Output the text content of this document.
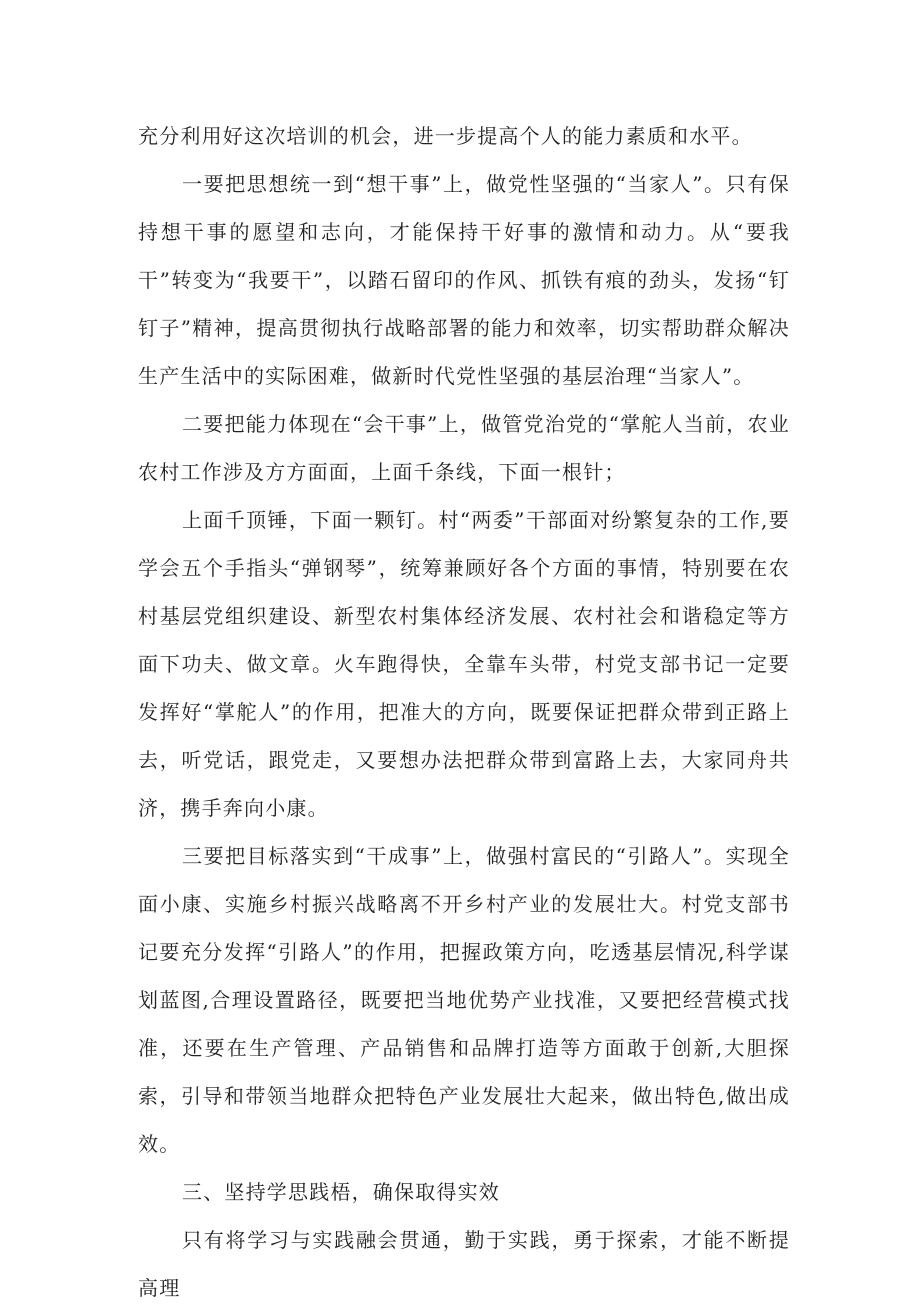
充分利用好这次培训的机会，进一步提高个人的能力素质和水平。

一要把思想统一到“想干事”上，做党性坚强的“当家人”。只有保持想干事的愿望和志向，才能保持干好事的激情和动力。从“要我干”转变为“我要干”，以踏石留印的作风、抓铁有痕的劲头，发扬“钉钉子”精神，提高贯彻执行战略部署的能力和效率，切实帮助群众解决生产生活中的实际困难，做新时代党性坚强的基层治理“当家人”。

二要把能力体现在“会干事”上，做管党治党的“掌舵人当前，农业农村工作涉及方方面面，上面千条线，下面一根针；

上面千顶锤，下面一颗钉。村“两委”干部面对纷繁复杂的工作,要学会五个手指头“弹钢琴”，统筹兼顾好各个方面的事情，特别要在农村基层党组织建设、新型农村集体经济发展、农村社会和谐稳定等方面下功夫、做文章。火车跑得快，全靠车头带，村党支部书记一定要发挥好“掌舵人”的作用，把准大的方向，既要保证把群众带到正路上去，听党话，跟党走，又要想办法把群众带到富路上去，大家同舟共济，携手奔向小康。

三要把目标落实到“干成事”上，做强村富民的“引路人”。实现全面小康、实施乡村振兴战略离不开乡村产业的发展壮大。村党支部书记要充分发挥“引路人”的作用，把握政策方向，吃透基层情况,科学谋划蓝图,合理设置路径，既要把当地优势产业找准，又要把经营模式找准，还要在生产管理、产品销售和品牌打造等方面敢于创新,大胆探索，引导和带领当地群众把特色产业发展壮大起来，做出特色,做出成效。

三、坚持学思践梧，确保取得实效

只有将学习与实践融会贯通，勤于实践，勇于探索，才能不断提高理
